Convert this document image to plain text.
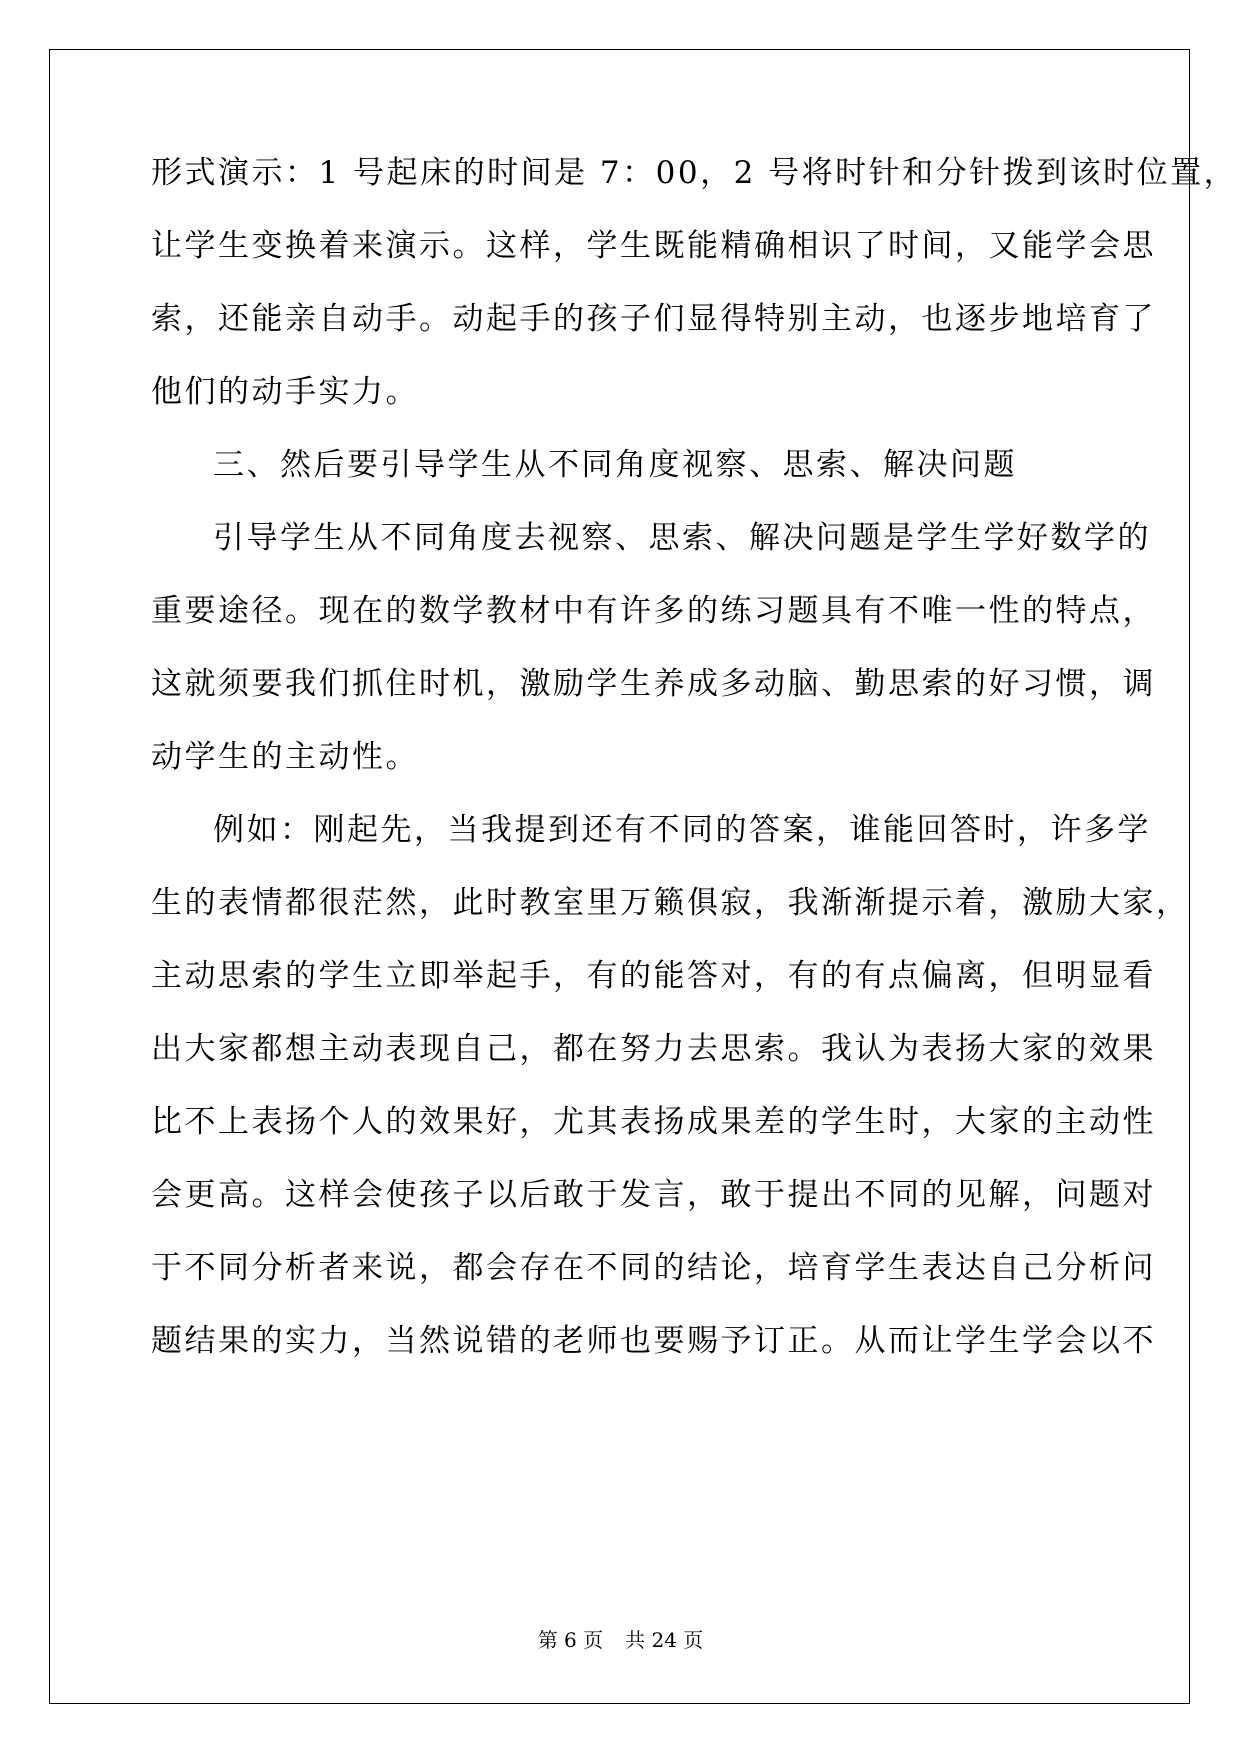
形式演示：1 号起床的时间是 7：00，2 号将时针和分针拨到该时位置，
让学生变换着来演示。这样，学生既能精确相识了时间，又能学会思
索，还能亲自动手。动起手的孩子们显得特别主动，也逐步地培育了
他们的动手实力。
三、然后要引导学生从不同角度视察、思索、解决问题
引导学生从不同角度去视察、思索、解决问题是学生学好数学的
重要途径。现在的数学教材中有许多的练习题具有不唯一性的特点，
这就须要我们抓住时机，激励学生养成多动脑、勤思索的好习惯，调
动学生的主动性。
例如：刚起先，当我提到还有不同的答案，谁能回答时，许多学
生的表情都很茫然，此时教室里万籁俱寂，我渐渐提示着，激励大家，
主动思索的学生立即举起手，有的能答对，有的有点偏离，但明显看
出大家都想主动表现自己，都在努力去思索。我认为表扬大家的效果
比不上表扬个人的效果好，尤其表扬成果差的学生时，大家的主动性
会更高。这样会使孩子以后敢于发言，敢于提出不同的见解，问题对
于不同分析者来说，都会存在不同的结论，培育学生表达自己分析问
题结果的实力，当然说错的老师也要赐予订正。从而让学生学会以不
第 6 页 共 24 页
